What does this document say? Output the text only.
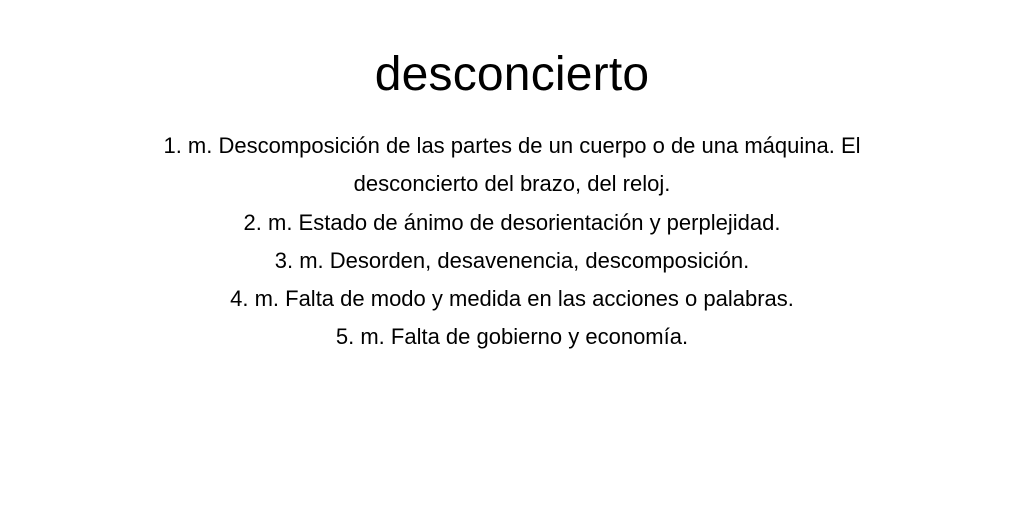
desconcierto
1. m. Descomposición de las partes de un cuerpo o de una máquina. El desconcierto del brazo, del reloj.
2. m. Estado de ánimo de desorientación y perplejidad.
3. m. Desorden, desavenencia, descomposición.
4. m. Falta de modo y medida en las acciones o palabras.
5. m. Falta de gobierno y economía.
